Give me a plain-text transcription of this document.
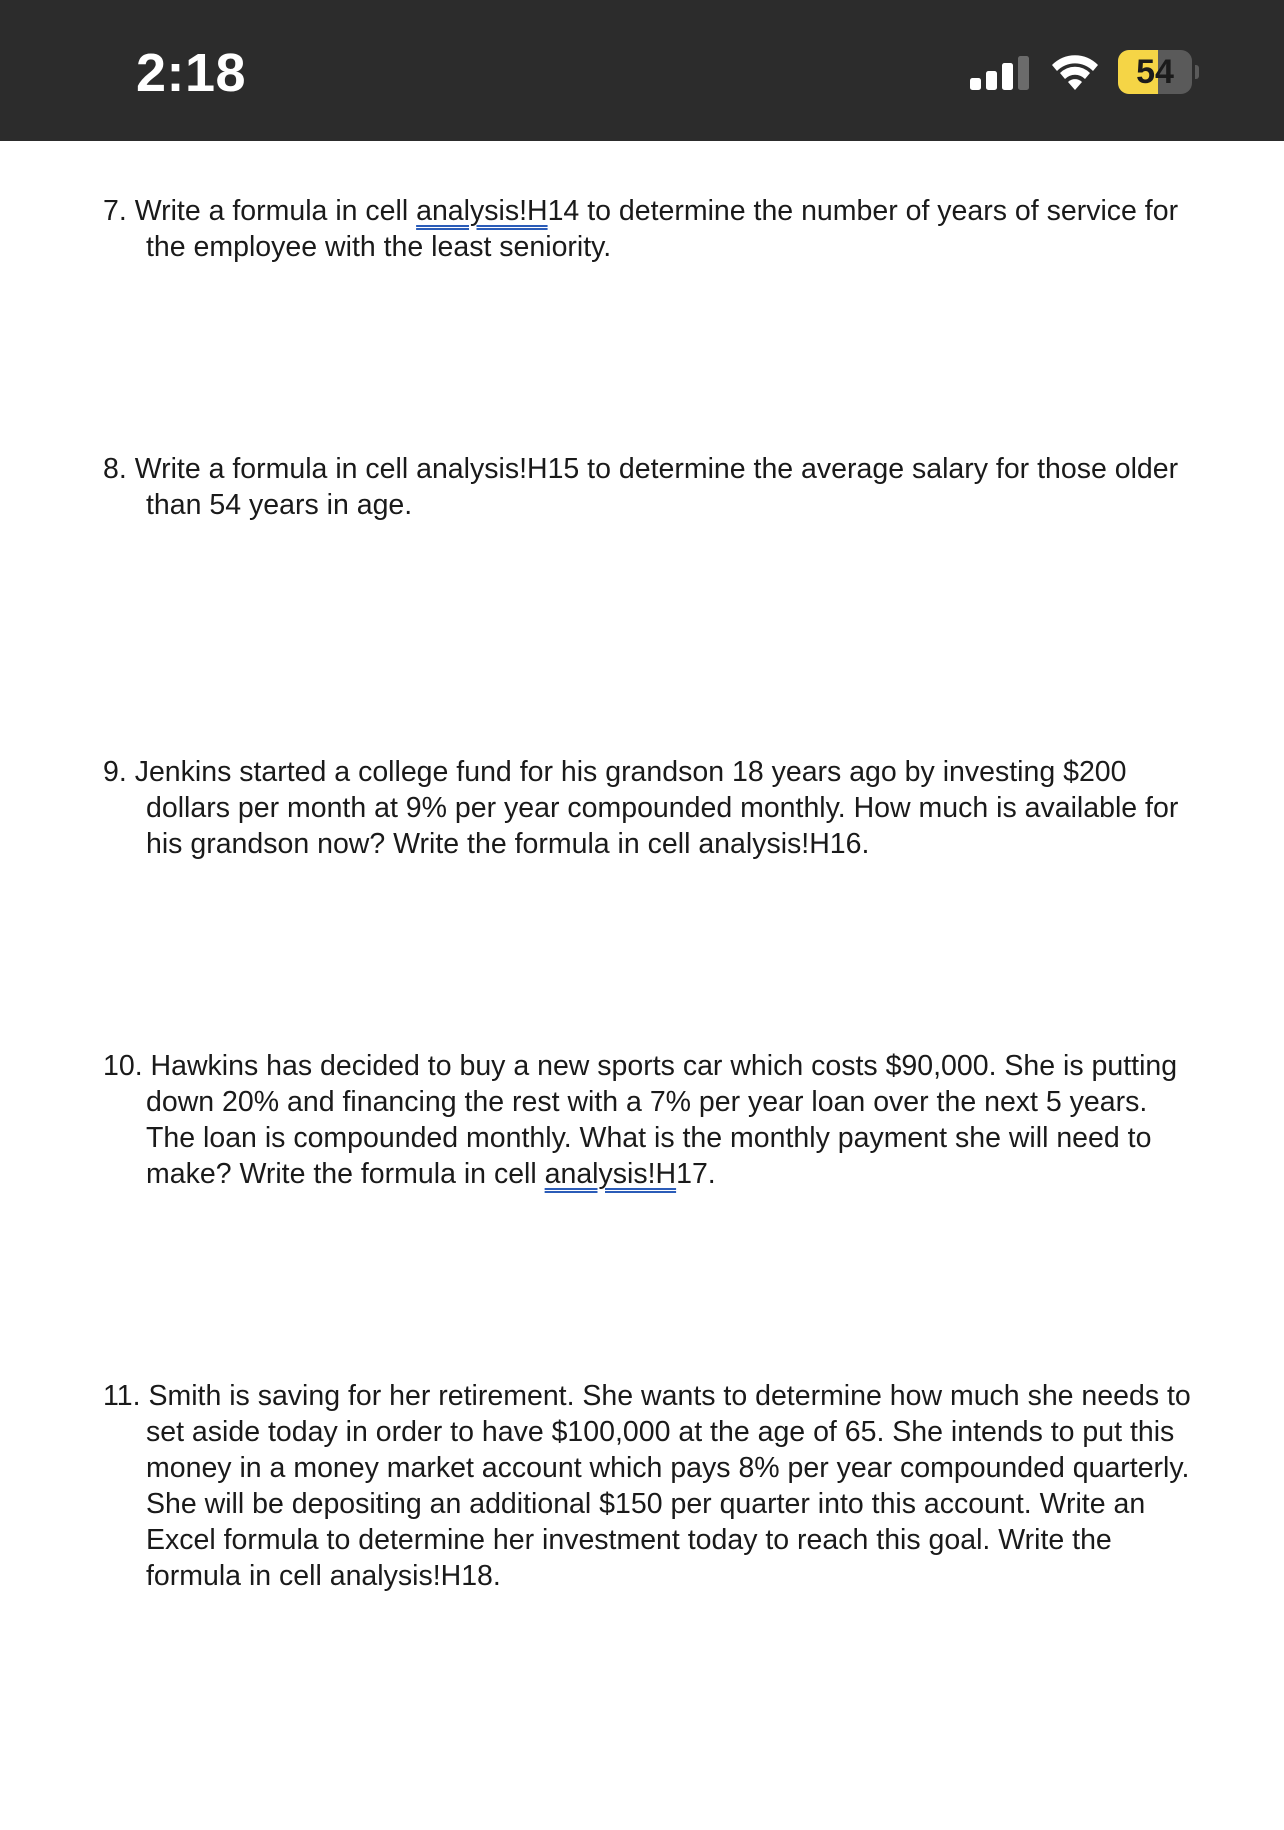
2:18	54

7. Write a formula in cell analysis!H14 to determine the number of years of service for the employee with the least seniority.

8. Write a formula in cell analysis!H15 to determine the average salary for those older than 54 years in age.

9. Jenkins started a college fund for his grandson 18 years ago by investing $200 dollars per month at 9% per year compounded monthly. How much is available for his grandson now? Write the formula in cell analysis!H16.

10. Hawkins has decided to buy a new sports car which costs $90,000. She is putting down 20% and financing the rest with a 7% per year loan over the next 5 years. The loan is compounded monthly. What is the monthly payment she will need to make? Write the formula in cell analysis!H17.

11. Smith is saving for her retirement. She wants to determine how much she needs to set aside today in order to have $100,000 at the age of 65. She intends to put this money in a money market account which pays 8% per year compounded quarterly. She will be depositing an additional $150 per quarter into this account. Write an Excel formula to determine her investment today to reach this goal. Write the formula in cell analysis!H18.
